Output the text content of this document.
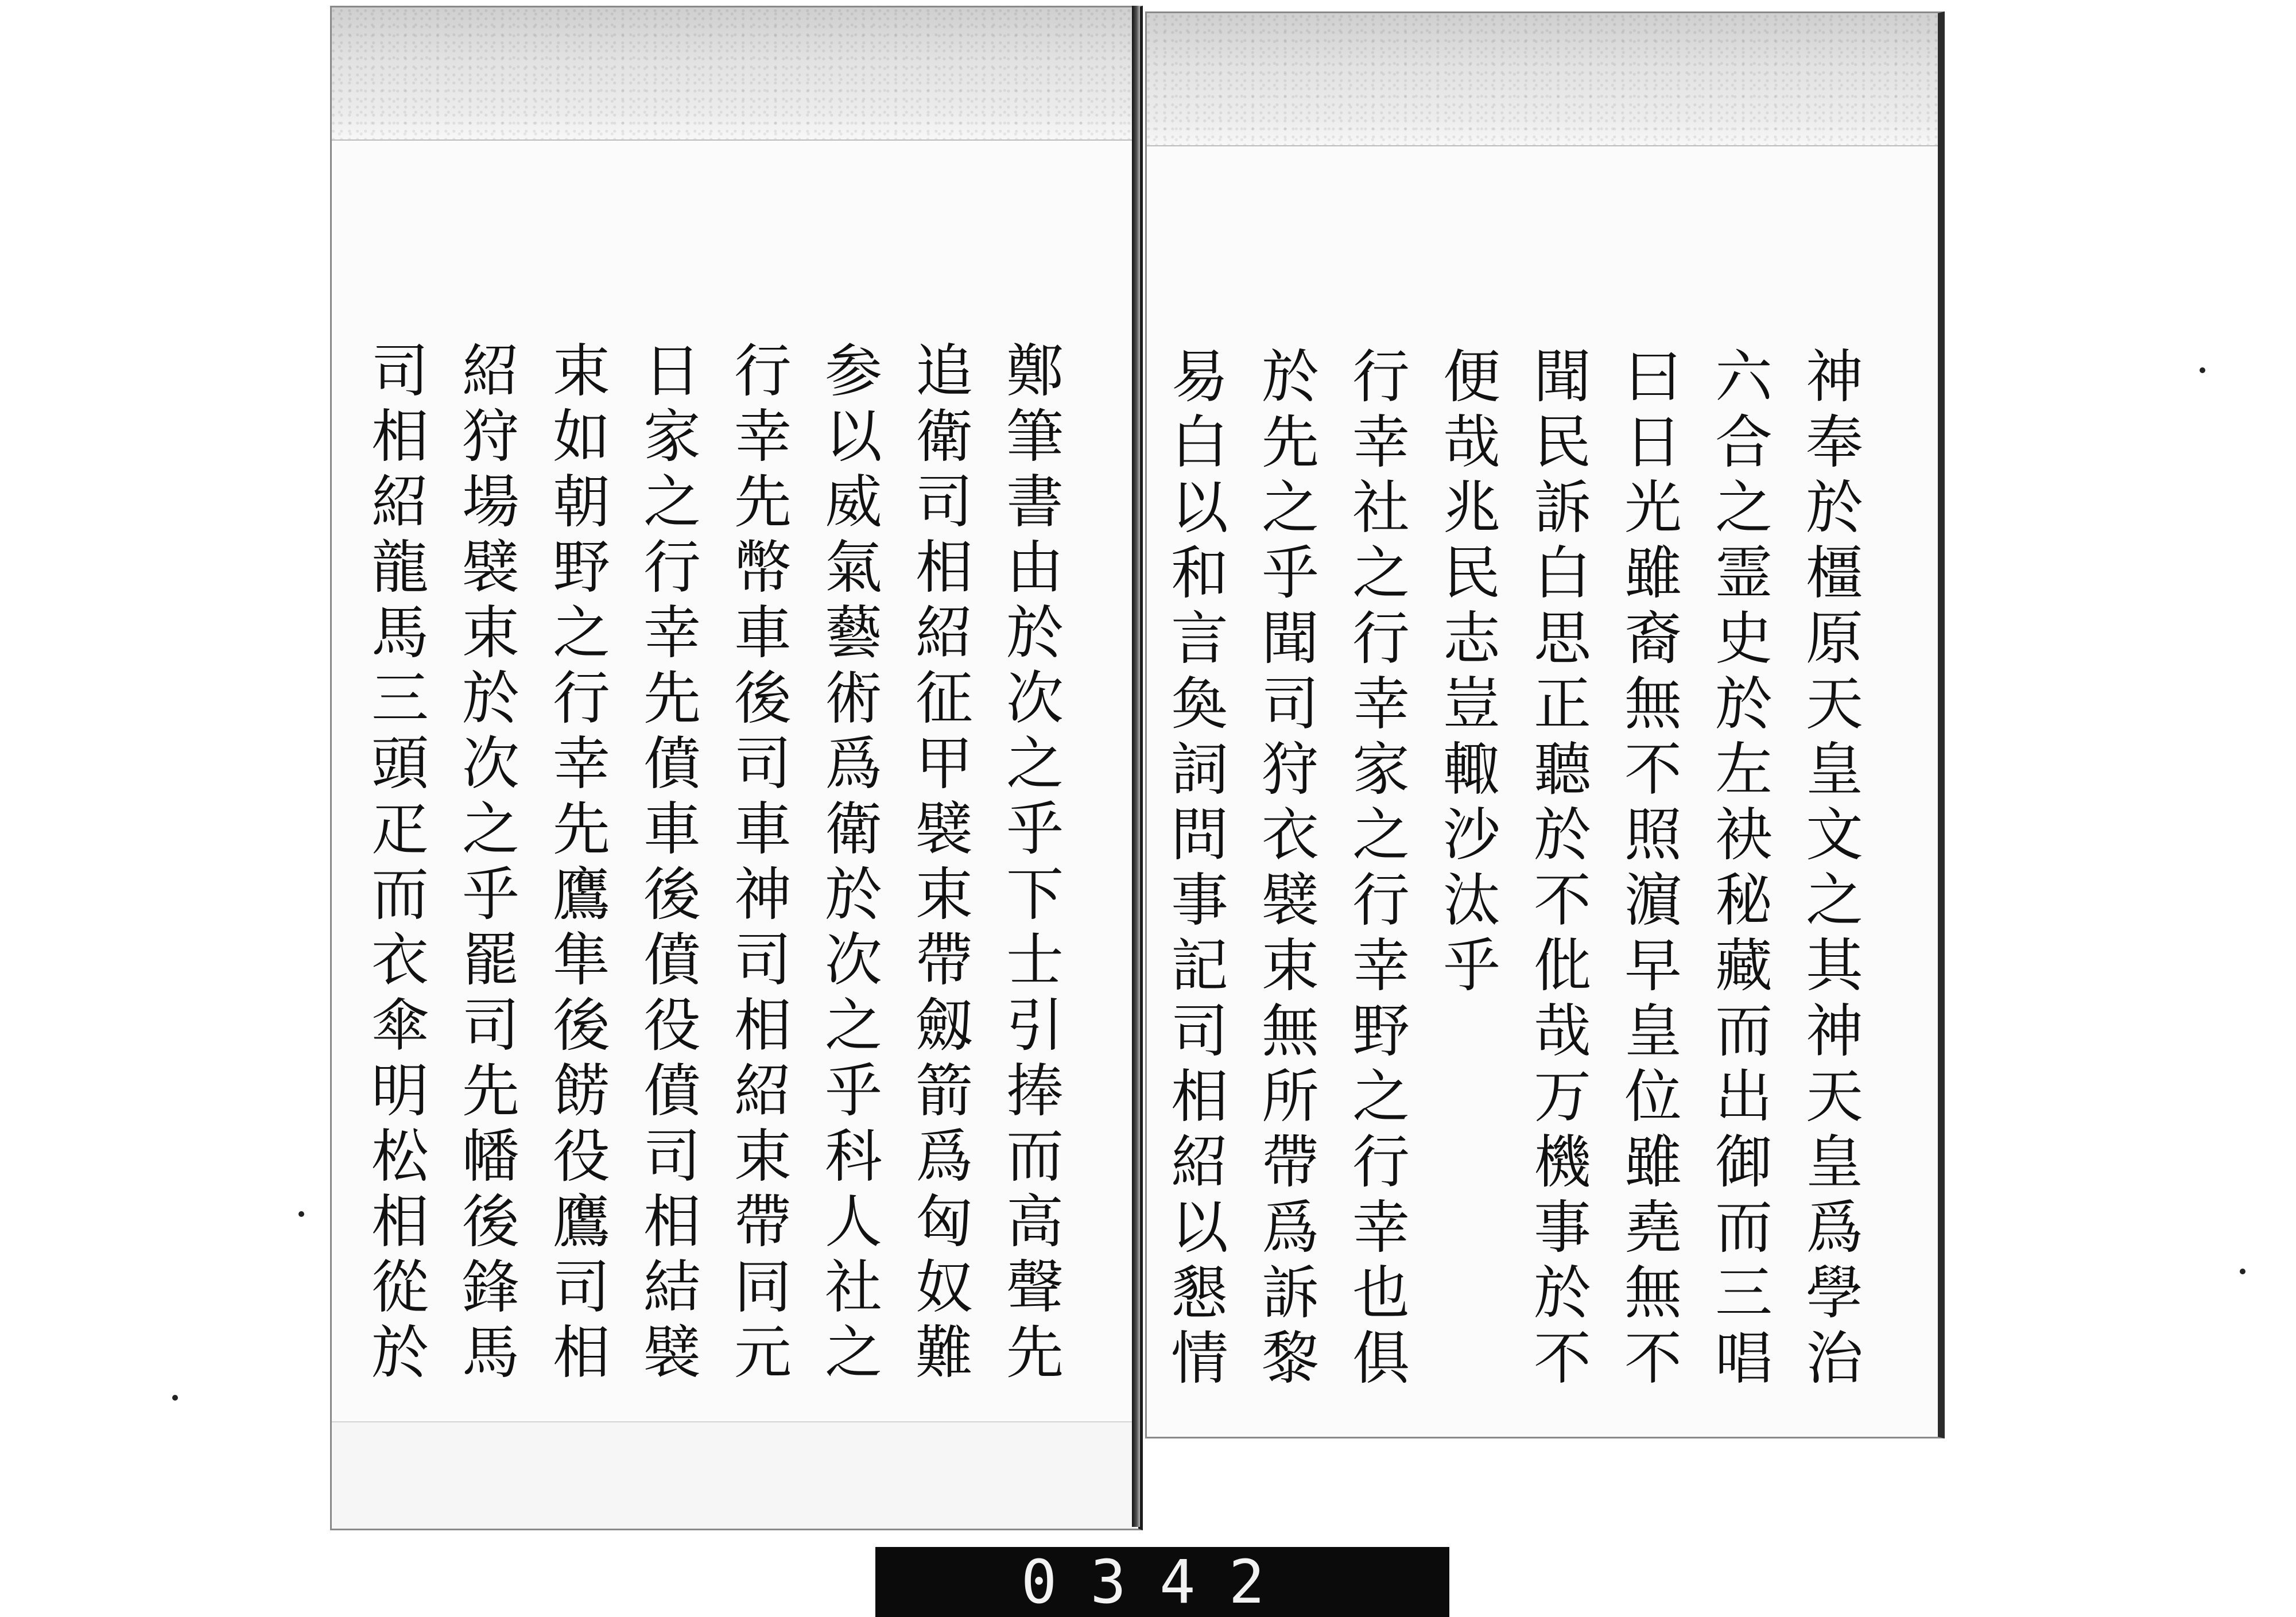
鄭筆書由於次之乎下士引捧而高聲先
追衛司相紹征甲襞束帶劔箭爲匈奴難
参以威氣藝術爲衛於次之乎科人社之
行幸先幣車後司車神司相紹束帶同元
日家之行幸先僨車後僨役僨司相結襞
束如朝野之行幸先鷹隼後餝役鷹司相
紹狩場襞束於次之乎罷司先幡後鋒馬
司相紹龍馬三頭疋而衣傘明松相從於	神奉於橿原天皇文之其神天皇爲學治
六合之霊史於左袂秘藏而出御而三唱
曰日光雖裔無不照濵早皇位雖堯無不
聞民訴白思正聽於不仳哉万機事於不
便哉兆民志豈輙沙汰乎
行幸社之行幸家之行幸野之行幸也俱
於先之乎聞司狩衣襞束無所帶爲訴黎
易白以和言奐詞問事記司相紹以懇情
0342
